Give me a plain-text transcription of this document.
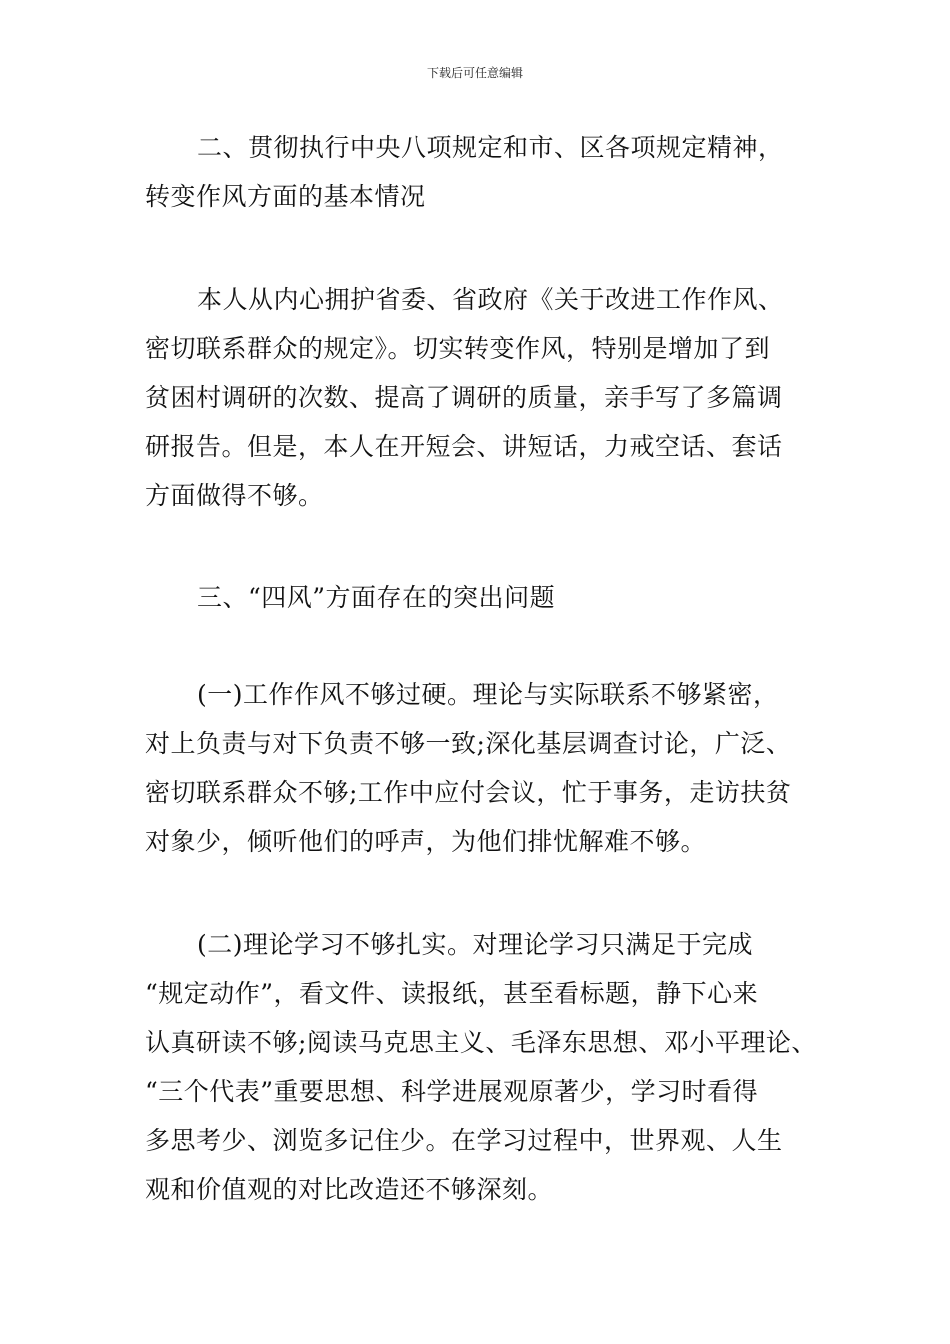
下载后可任意编辑
二、贯彻执行中央八项规定和市、区各项规定精神，
转变作风方面的基本情况
本人从内心拥护省委、省政府《关于改进工作作风、
密切联系群众的规定》。切实转变作风，特别是增加了到
贫困村调研的次数、提高了调研的质量，亲手写了多篇调
研报告。但是，本人在开短会、讲短话，力戒空话、套话
方面做得不够。
三、“四风”方面存在的突出问题
(一)工作作风不够过硬。理论与实际联系不够紧密，
对上负责与对下负责不够一致;深化基层调查讨论，广泛、
密切联系群众不够;工作中应付会议，忙于事务，走访扶贫
对象少，倾听他们的呼声，为他们排忧解难不够。
(二)理论学习不够扎实。对理论学习只满足于完成
“规定动作”，看文件、读报纸，甚至看标题，静下心来
认真研读不够;阅读马克思主义、毛泽东思想、邓小平理论、
“三个代表”重要思想、科学进展观原著少，学习时看得
多思考少、浏览多记住少。在学习过程中，世界观、人生
观和价值观的对比改造还不够深刻。
